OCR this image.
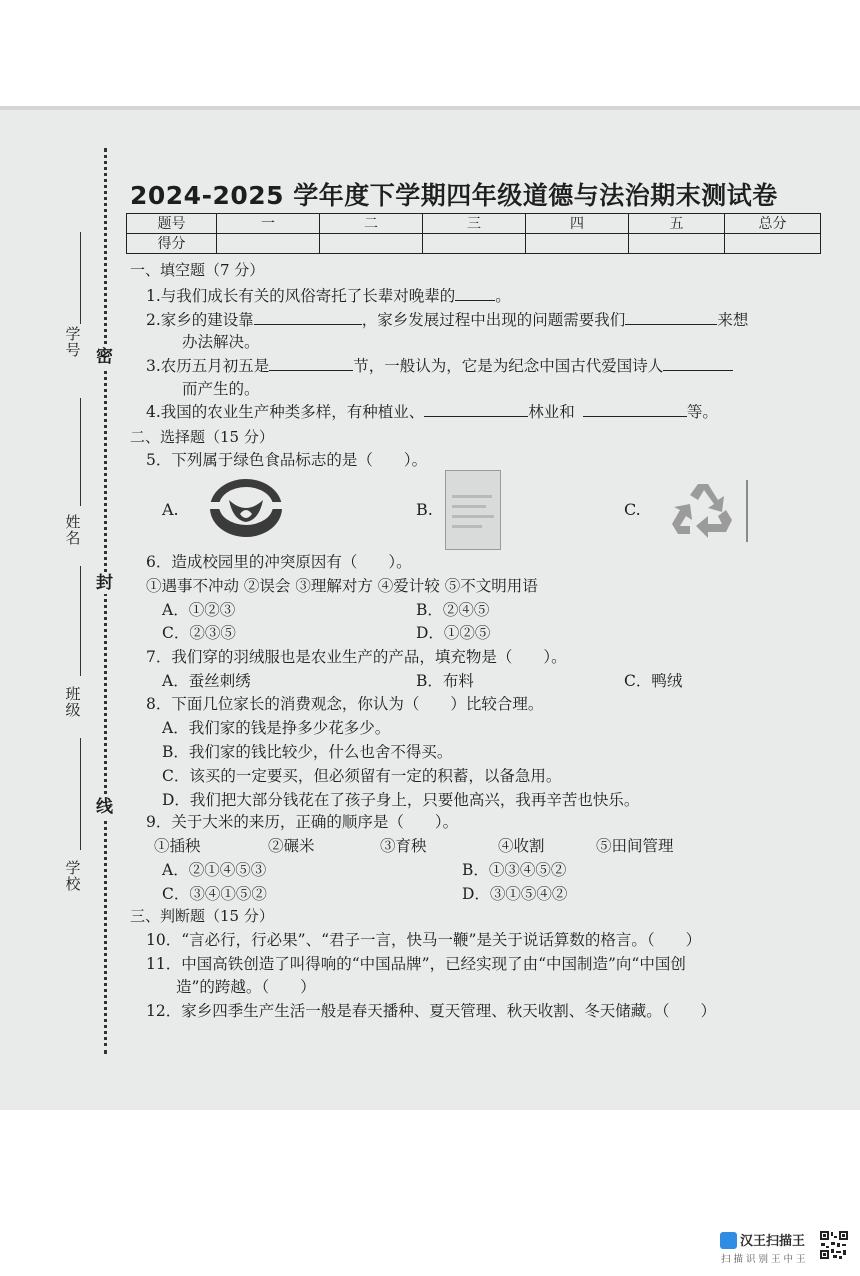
密
封
线
学号
姓名
班级
学校
2024-2025 学年度下学期四年级道德与法治期末测试卷
题号	一	二	三	四	五	总分
得分						
一、填空题（7 分）
1.与我们成长有关的风俗寄托了长辈对晚辈的	。
2.家乡的建设靠	，家乡发展过程中出现的问题需要我们	来想
办法解决。
3.农历五月初五是	节，一般认为，它是为纪念中国古代爱国诗人
而产生的。
4.我国的农业生产种类多样，有种植业、	林业和	等。
二、选择题（15 分）
5．下列属于绿色食品标志的是（　　）。
A.	B.	C.
6．造成校园里的冲突原因有（　　）。
①遇事不冲动 ②误会 ③理解对方 ④爱计较 ⑤不文明用语
A．①②③	B．②④⑤
C．②③⑤	D．①②⑤
7．我们穿的羽绒服也是农业生产的产品，填充物是（　　）。
A．蚕丝刺绣	B．布料	C．鸭绒
8．下面几位家长的消费观念，你认为（　　）比较合理。
A．我们家的钱是挣多少花多少。
B．我们家的钱比较少，什么也舍不得买。
C．该买的一定要买，但必须留有一定的积蓄，以备急用。
D．我们把大部分钱花在了孩子身上，只要他高兴，我再辛苦也快乐。
9．关于大米的来历，正确的顺序是（　　）。
①插秧	②碾米	③育秧	④收割	⑤田间管理
A．②①④⑤③	B．①③④⑤②
C．③④①⑤②	D．③①⑤④②
三、判断题（15 分）
10．“言必行，行必果”、“君子一言，快马一鞭”是关于说话算数的格言。（　　）
11．中国高铁创造了叫得响的“中国品牌”，已经实现了由“中国制造”向“中国创
造”的跨越。（　　）
12．家乡四季生产生活一般是春天播种、夏天管理、秋天收割、冬天储藏。（　　）
汉王扫描王
扫描识别王中王
